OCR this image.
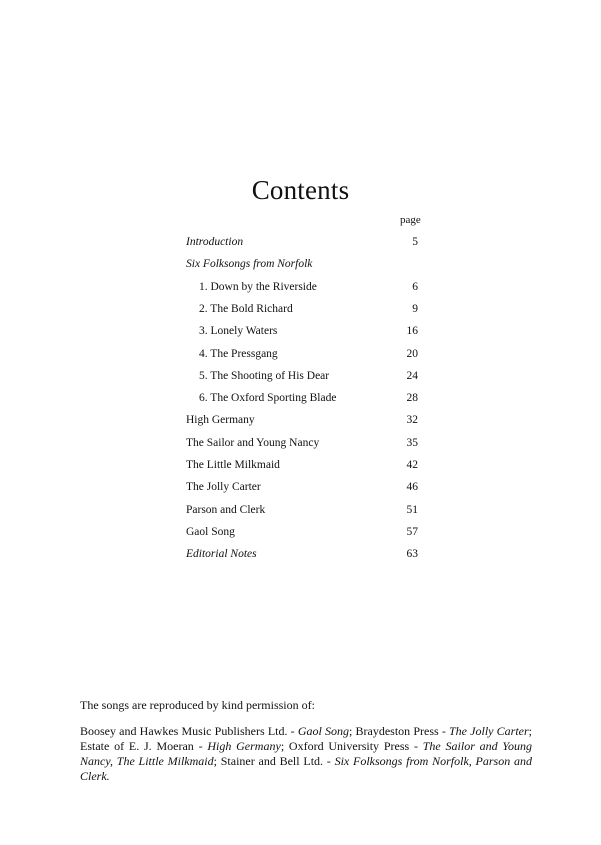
Contents
page
Introduction	5
Six Folksongs from Norfolk
1. Down by the Riverside	6
2. The Bold Richard	9
3. Lonely Waters	16
4. The Pressgang	20
5. The Shooting of His Dear	24
6. The Oxford Sporting Blade	28
High Germany	32
The Sailor and Young Nancy	35
The Little Milkmaid	42
The Jolly Carter	46
Parson and Clerk	51
Gaol Song	57
Editorial Notes	63

The songs are reproduced by kind permission of:

Boosey and Hawkes Music Publishers Ltd. - Gaol Song; Braydeston Press - The Jolly Carter; Estate of E. J. Moeran - High Germany; Oxford University Press - The Sailor and Young Nancy, The Little Milkmaid; Stainer and Bell Ltd. - Six Folksongs from Norfolk, Parson and Clerk.
